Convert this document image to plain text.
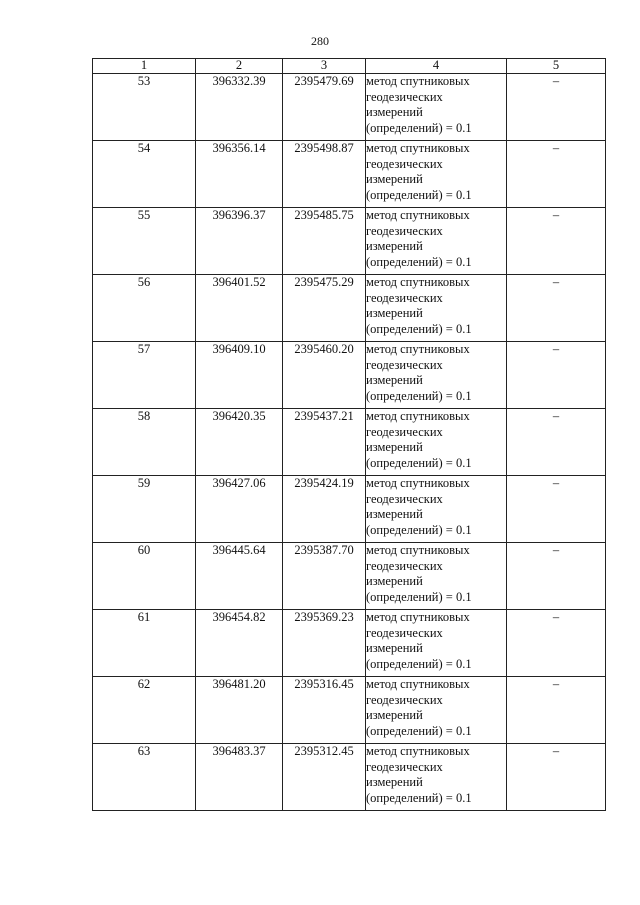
280
1	2	3	4	5
53	396332.39	2395479.69	метод спутниковых
геодезических
измерений
(определений) = 0.1	–
54	396356.14	2395498.87	метод спутниковых
геодезических
измерений
(определений) = 0.1	–
55	396396.37	2395485.75	метод спутниковых
геодезических
измерений
(определений) = 0.1	–
56	396401.52	2395475.29	метод спутниковых
геодезических
измерений
(определений) = 0.1	–
57	396409.10	2395460.20	метод спутниковых
геодезических
измерений
(определений) = 0.1	–
58	396420.35	2395437.21	метод спутниковых
геодезических
измерений
(определений) = 0.1	–
59	396427.06	2395424.19	метод спутниковых
геодезических
измерений
(определений) = 0.1	–
60	396445.64	2395387.70	метод спутниковых
геодезических
измерений
(определений) = 0.1	–
61	396454.82	2395369.23	метод спутниковых
геодезических
измерений
(определений) = 0.1	–
62	396481.20	2395316.45	метод спутниковых
геодезических
измерений
(определений) = 0.1	–
63	396483.37	2395312.45	метод спутниковых
геодезических
измерений
(определений) = 0.1	–
